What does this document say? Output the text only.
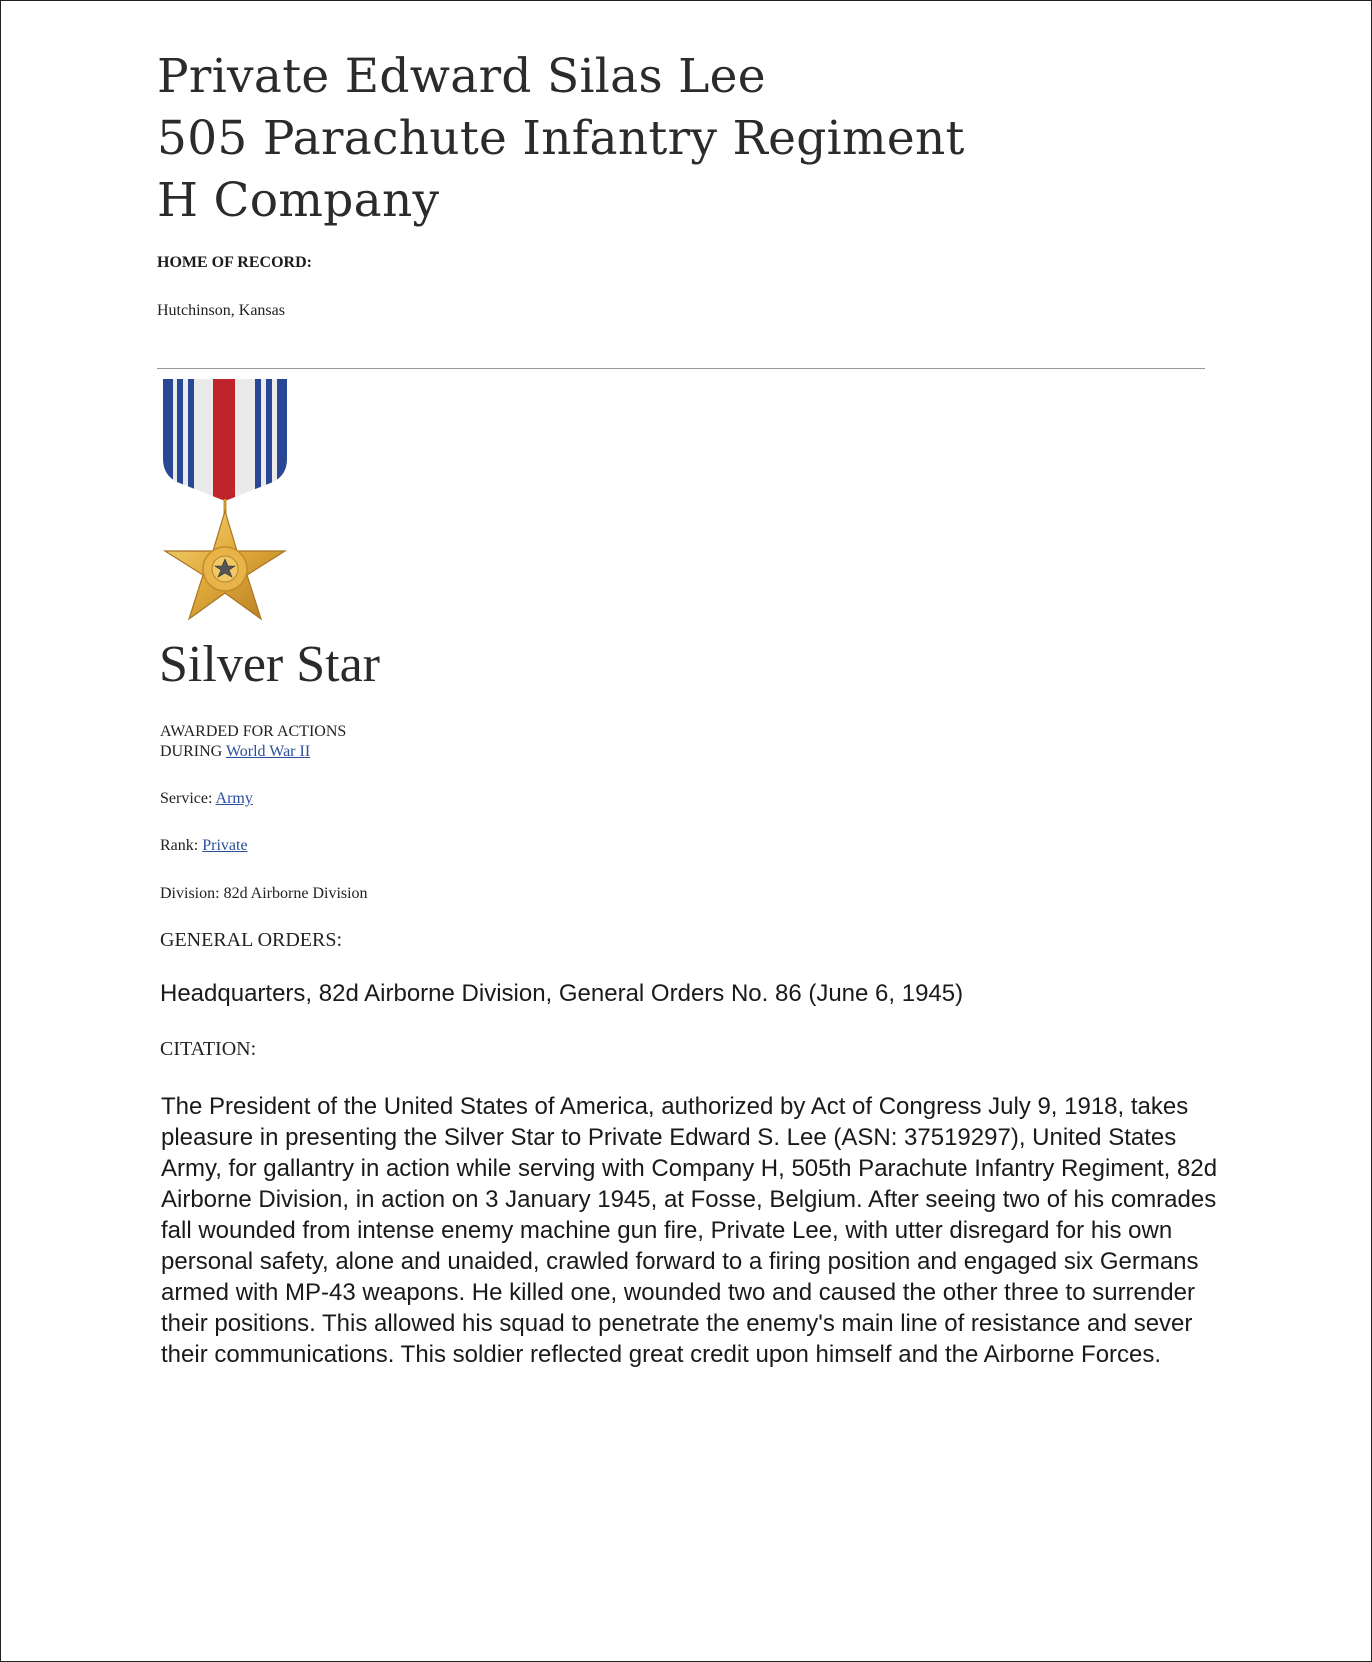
Private Edward Silas Lee
505 Parachute Infantry Regiment
H Company
HOME OF RECORD:
Hutchinson, Kansas
Silver Star
AWARDED FOR ACTIONS
DURING World War II
Service: Army
Rank: Private
Division: 82d Airborne Division
GENERAL ORDERS:
Headquarters, 82d Airborne Division, General Orders No. 86 (June 6, 1945)
CITATION:
The President of the United States of America, authorized by Act of Congress July 9, 1918, takes pleasure in presenting the Silver Star to Private Edward S. Lee (ASN: 37519297), United States Army, for gallantry in action while serving with Company H, 505th Parachute Infantry Regiment, 82d Airborne Division, in action on 3 January 1945, at Fosse, Belgium. After seeing two of his comrades fall wounded from intense enemy machine gun fire, Private Lee, with utter disregard for his own personal safety, alone and unaided, crawled forward to a firing position and engaged six Germans armed with MP-43 weapons. He killed one, wounded two and caused the other three to surrender their positions. This allowed his squad to penetrate the enemy's main line of resistance and sever their communications. This soldier reflected great credit upon himself and the Airborne Forces.
